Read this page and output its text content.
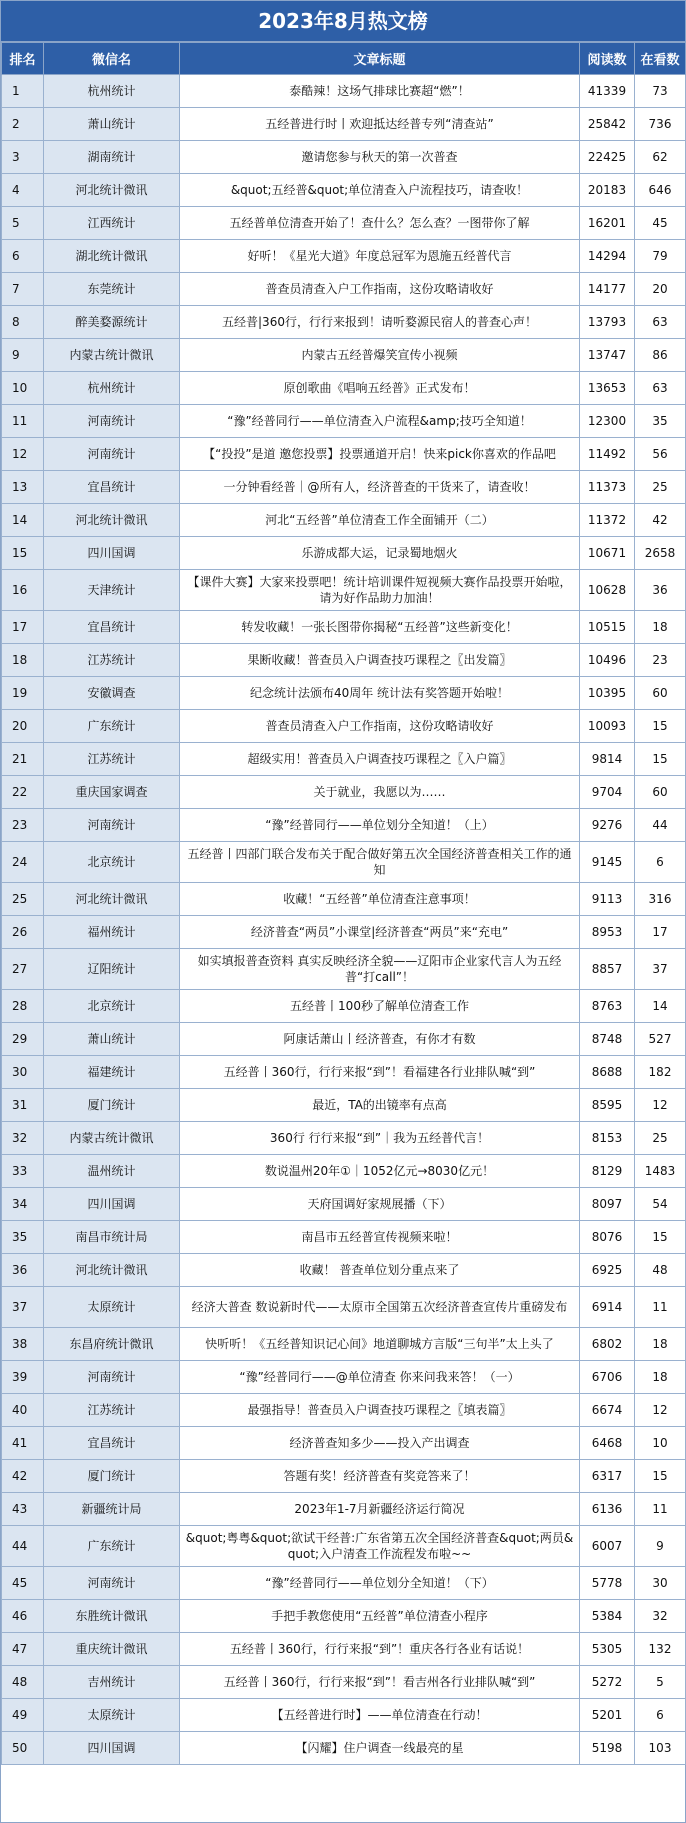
2023年8月热文榜
排名	微信名	文章标题	阅读数	在看数
1	杭州统计	泰酷辣！这场气排球比赛超“燃”！	41339	73
2	萧山统计	五经普进行时丨欢迎抵达经普专列“清查站”	25842	736
3	湖南统计	邀请您参与秋天的第一次普查	22425	62
4	河北统计微讯	&quot;五经普&quot;单位清查入户流程技巧，请查收！	20183	646
5	江西统计	五经普单位清查开始了！查什么？怎么查？一图带你了解	16201	45
6	湖北统计微讯	好听！《星光大道》年度总冠军为恩施五经普代言	14294	79
7	东莞统计	普查员清查入户工作指南，这份攻略请收好	14177	20
8	醉美婺源统计	五经普|360行，行行来报到！请听婺源民宿人的普查心声！	13793	63
9	内蒙古统计微讯	内蒙古五经普爆笑宣传小视频	13747	86
10	杭州统计	原创歌曲《唱响五经普》正式发布！	13653	63
11	河南统计	“豫”经普同行——单位清查入户流程&amp;技巧全知道！	12300	35
12	河南统计	【“投投”是道 邀您投票】投票通道开启！快来pick你喜欢的作品吧	11492	56
13	宜昌统计	一分钟看经普｜@所有人，经济普查的干货来了，请查收！	11373	25
14	河北统计微讯	河北“五经普”单位清查工作全面铺开（二）	11372	42
15	四川国调	乐游成都大运，记录蜀地烟火	10671	2658
16	天津统计	【课件大赛】大家来投票吧！统计培训课件短视频大赛作品投票开始啦，请为好作品助力加油！	10628	36
17	宜昌统计	转发收藏！一张长图带你揭秘“五经普”这些新变化！	10515	18
18	江苏统计	果断收藏！普查员入户调查技巧课程之〖出发篇〗	10496	23
19	安徽调查	纪念统计法颁布40周年 统计法有奖答题开始啦！	10395	60
20	广东统计	普查员清查入户工作指南，这份攻略请收好	10093	15
21	江苏统计	超级实用！普查员入户调查技巧课程之〖入户篇〗	9814	15
22	重庆国家调查	关于就业，我愿以为……	9704	60
23	河南统计	“豫”经普同行——单位划分全知道！（上）	9276	44
24	北京统计	五经普丨四部门联合发布关于配合做好第五次全国经济普查相关工作的通知	9145	6
25	河北统计微讯	收藏！“五经普”单位清查注意事项！	9113	316
26	福州统计	经济普查“两员”小课堂|经济普查“两员”来“充电”	8953	17
27	辽阳统计	如实填报普查资料 真实反映经济全貌——辽阳市企业家代言人为五经普“打call”！	8857	37
28	北京统计	五经普丨100秒了解单位清查工作	8763	14
29	萧山统计	阿康话萧山丨经济普查，有你才有数	8748	527
30	福建统计	五经普丨360行，行行来报“到”！看福建各行业排队喊“到”	8688	182
31	厦门统计	最近，TA的出镜率有点高	8595	12
32	内蒙古统计微讯	360行 行行来报“到”｜我为五经普代言！	8153	25
33	温州统计	数说温州20年①｜1052亿元→8030亿元！	8129	1483
34	四川国调	天府国调好家规展播（下）	8097	54
35	南昌市统计局	南昌市五经普宣传视频来啦！	8076	15
36	河北统计微讯	收藏！ 普查单位划分重点来了	6925	48
37	太原统计	经济大普查 数说新时代——太原市全国第五次经济普查宣传片重磅发布	6914	11
38	东昌府统计微讯	快听听！《五经普知识记心间》地道聊城方言版“三句半”太上头了	6802	18
39	河南统计	“豫”经普同行——@单位清查 你来问我来答！（一）	6706	18
40	江苏统计	最强指导！普查员入户调查技巧课程之〖填表篇〗	6674	12
41	宜昌统计	经济普查知多少——投入产出调查	6468	10
42	厦门统计	答题有奖！经济普查有奖竞答来了！	6317	15
43	新疆统计局	2023年1-7月新疆经济运行简况	6136	11
44	广东统计	&quot;粤粤&quot;欲试干经普:广东省第五次全国经济普查&quot;两员&quot;入户清查工作流程发布啦~~	6007	9
45	河南统计	“豫”经普同行——单位划分全知道！（下）	5778	30
46	东胜统计微讯	手把手教您使用“五经普”单位清查小程序	5384	32
47	重庆统计微讯	五经普丨360行，行行来报“到”！重庆各行各业有话说！	5305	132
48	吉州统计	五经普丨360行，行行来报“到”！看吉州各行业排队喊“到”	5272	5
49	太原统计	【五经普进行时】——单位清查在行动！	5201	6
50	四川国调	【闪耀】住户调查一线最亮的星	5198	103
